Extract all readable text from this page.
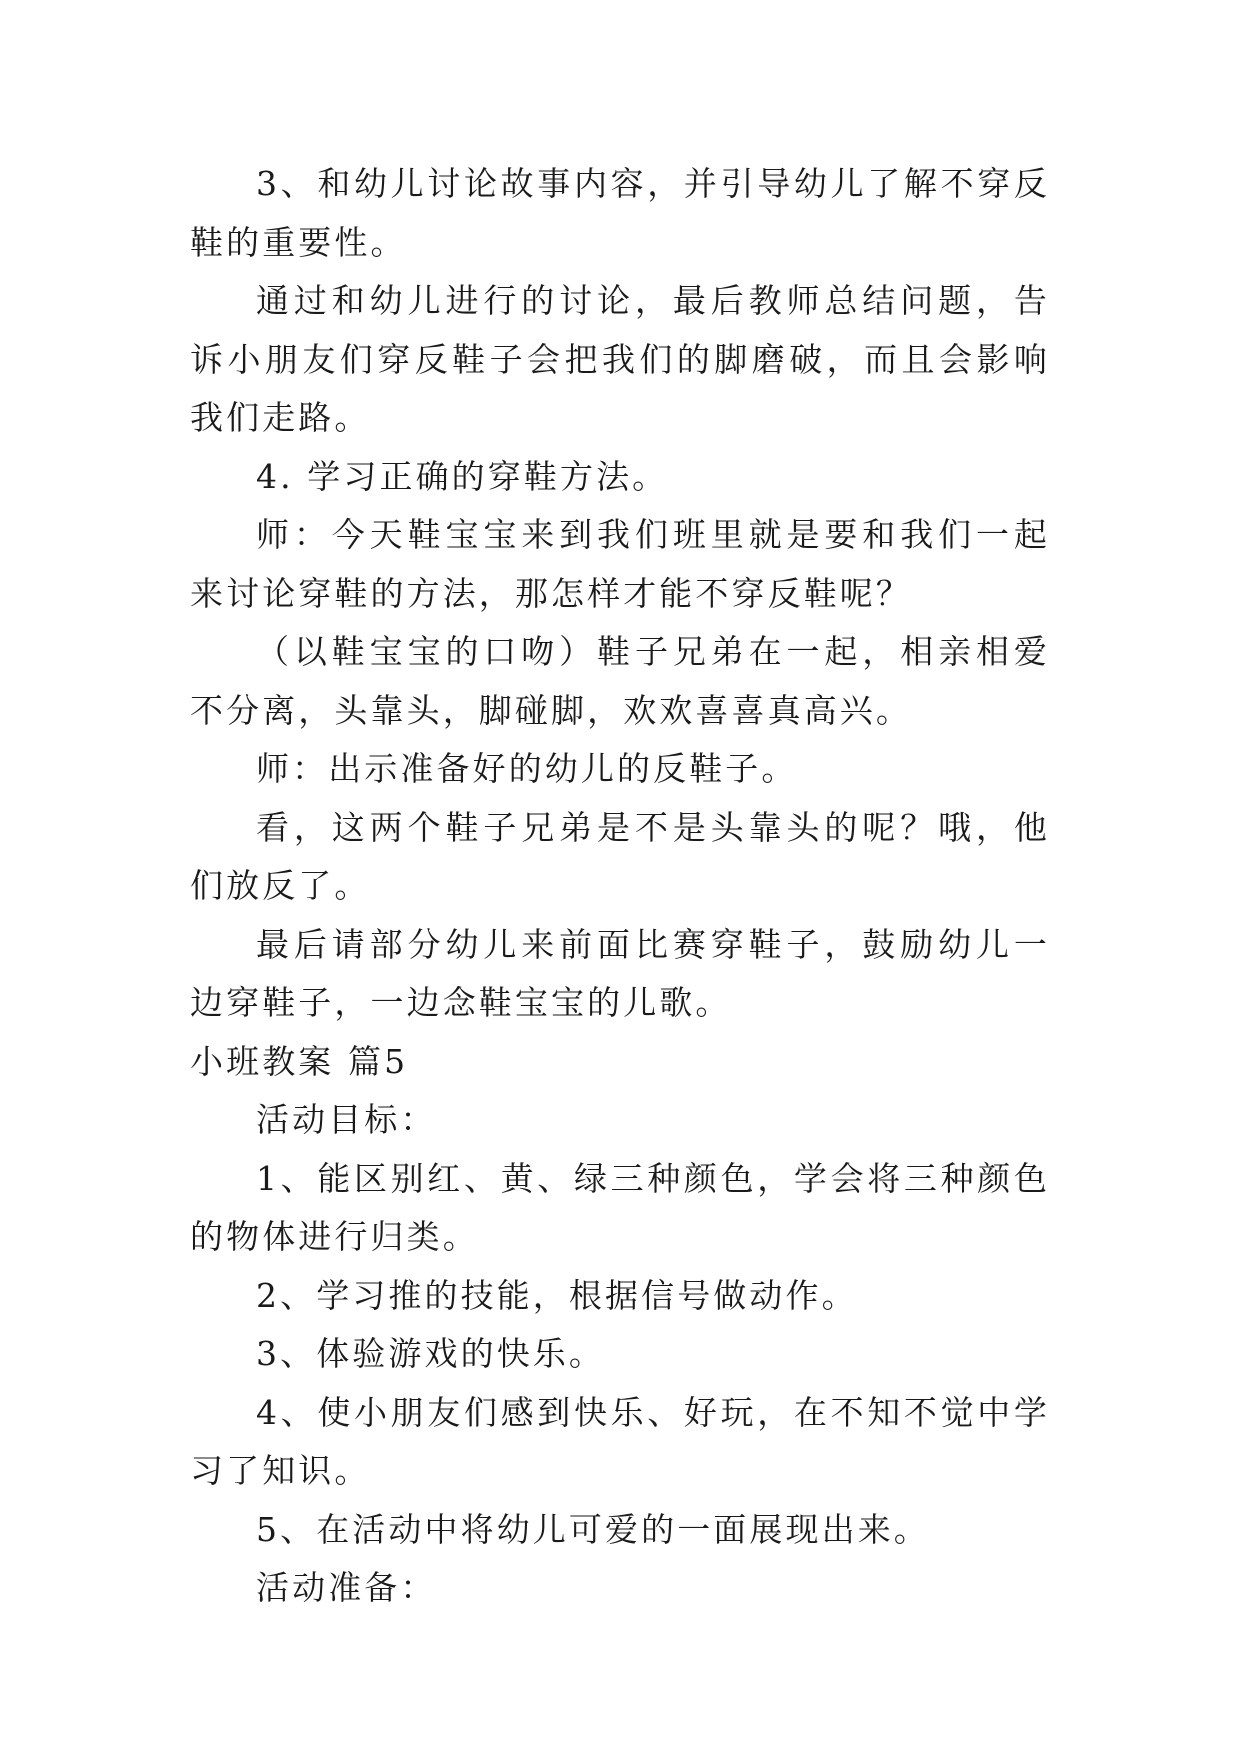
3、和幼儿讨论故事内容，并引导幼儿了解不穿反鞋的重要性。

通过和幼儿进行的讨论，最后教师总结问题，告诉小朋友们穿反鞋子会把我们的脚磨破，而且会影响我们走路。

4. 学习正确的穿鞋方法。

师：今天鞋宝宝来到我们班里就是要和我们一起来讨论穿鞋的方法，那怎样才能不穿反鞋呢？

（以鞋宝宝的口吻）鞋子兄弟在一起，相亲相爱不分离，头靠头，脚碰脚，欢欢喜喜真高兴。

师：出示准备好的幼儿的反鞋子。

看，这两个鞋子兄弟是不是头靠头的呢？哦，他们放反了。

最后请部分幼儿来前面比赛穿鞋子，鼓励幼儿一边穿鞋子，一边念鞋宝宝的儿歌。

小班教案 篇5

活动目标：

1、能区别红、黄、绿三种颜色，学会将三种颜色的物体进行归类。

2、学习推的技能，根据信号做动作。

3、体验游戏的快乐。

4、使小朋友们感到快乐、好玩，在不知不觉中学习了知识。

5、在活动中将幼儿可爱的一面展现出来。

活动准备：
